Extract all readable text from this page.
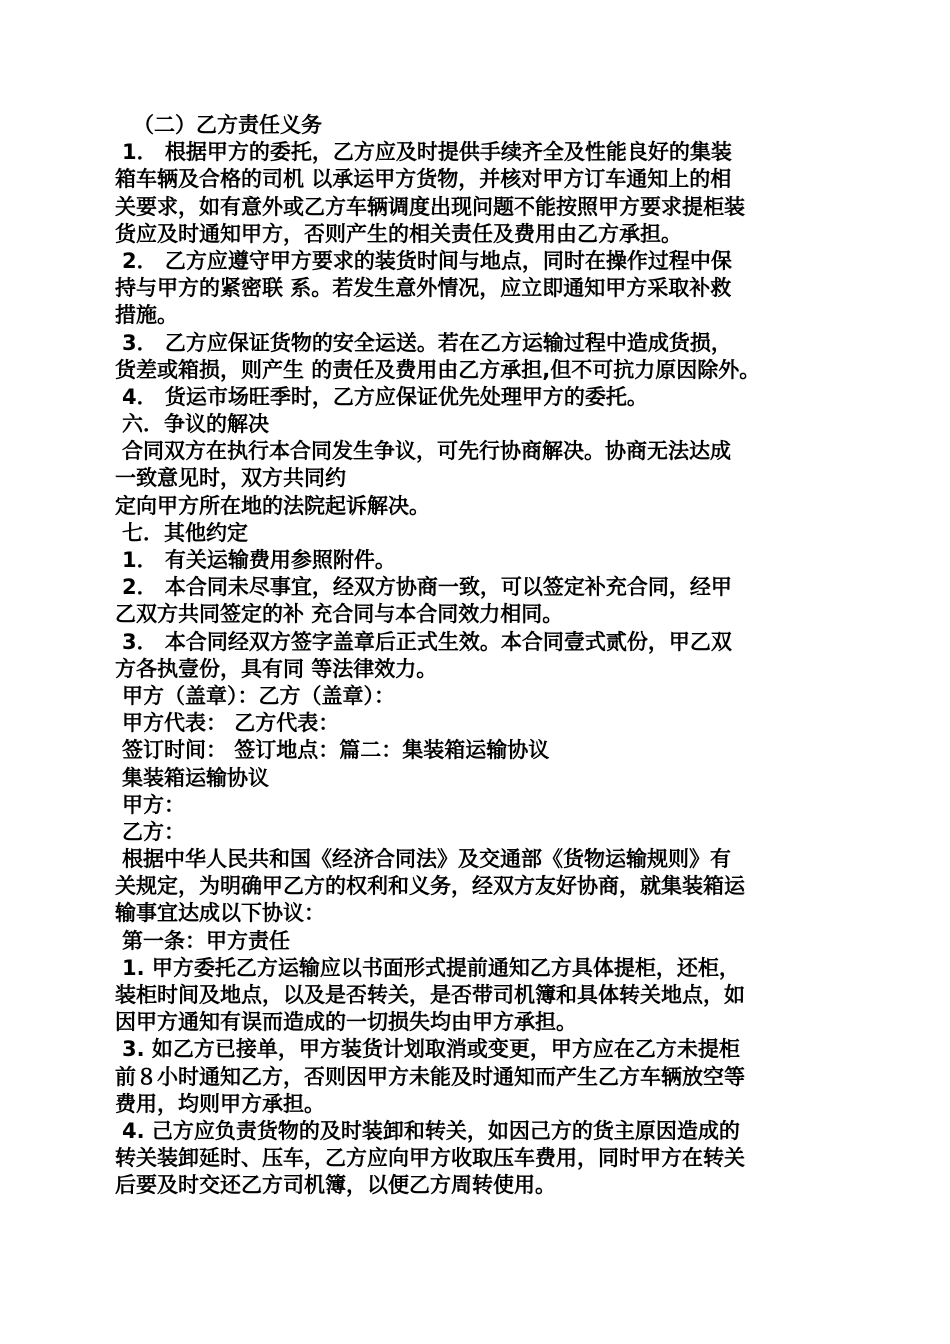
（二）乙方责任义务
1． 根据甲方的委托，乙方应及时提供手续齐全及性能良好的集装
箱车辆及合格的司机 以承运甲方货物，并核对甲方订车通知上的相
关要求，如有意外或乙方车辆调度出现问题不能按照甲方要求提柜装
货应及时通知甲方，否则产生的相关责任及费用由乙方承担。
2． 乙方应遵守甲方要求的装货时间与地点，同时在操作过程中保
持与甲方的紧密联 系。若发生意外情况，应立即通知甲方采取补救
措施。
3． 乙方应保证货物的安全运送。若在乙方运输过程中造成货损，
货差或箱损，则产生 的责任及费用由乙方承担,但不可抗力原因除外。
4． 货运市场旺季时，乙方应保证优先处理甲方的委托。
六．争议的解决
合同双方在执行本合同发生争议，可先行协商解决。协商无法达成
一致意见时，双方共同约
定向甲方所在地的法院起诉解决。
七．其他约定
1． 有关运输费用参照附件。
2． 本合同未尽事宜，经双方协商一致，可以签定补充合同，经甲
乙双方共同签定的补 充合同与本合同效力相同。
3． 本合同经双方签字盖章后正式生效。本合同壹式贰份，甲乙双
方各执壹份，具有同 等法律效力。
甲方（盖章）：乙方（盖章）：
甲方代表： 乙方代表：
签订时间： 签订地点：篇二：集装箱运输协议
集装箱运输协议
甲方：
乙方：
根据中华人民共和国《经济合同法》及交通部《货物运输规则》有
关规定，为明确甲乙方的权利和义务，经双方友好协商，就集装箱运
输事宜达成以下协议：
第一条：甲方责任
1. 甲方委托乙方运输应以书面形式提前通知乙方具体提柜，还柜，
装柜时间及地点，以及是否转关，是否带司机簿和具体转关地点，如
因甲方通知有误而造成的一切损失均由甲方承担。
3. 如乙方已接单，甲方装货计划取消或变更，甲方应在乙方未提柜
前８小时通知乙方，否则因甲方未能及时通知而产生乙方车辆放空等
费用，均则甲方承担。
4. 己方应负责货物的及时装卸和转关，如因己方的货主原因造成的
转关装卸延时、压车，乙方应向甲方收取压车费用，同时甲方在转关
后要及时交还乙方司机簿，以便乙方周转使用。
